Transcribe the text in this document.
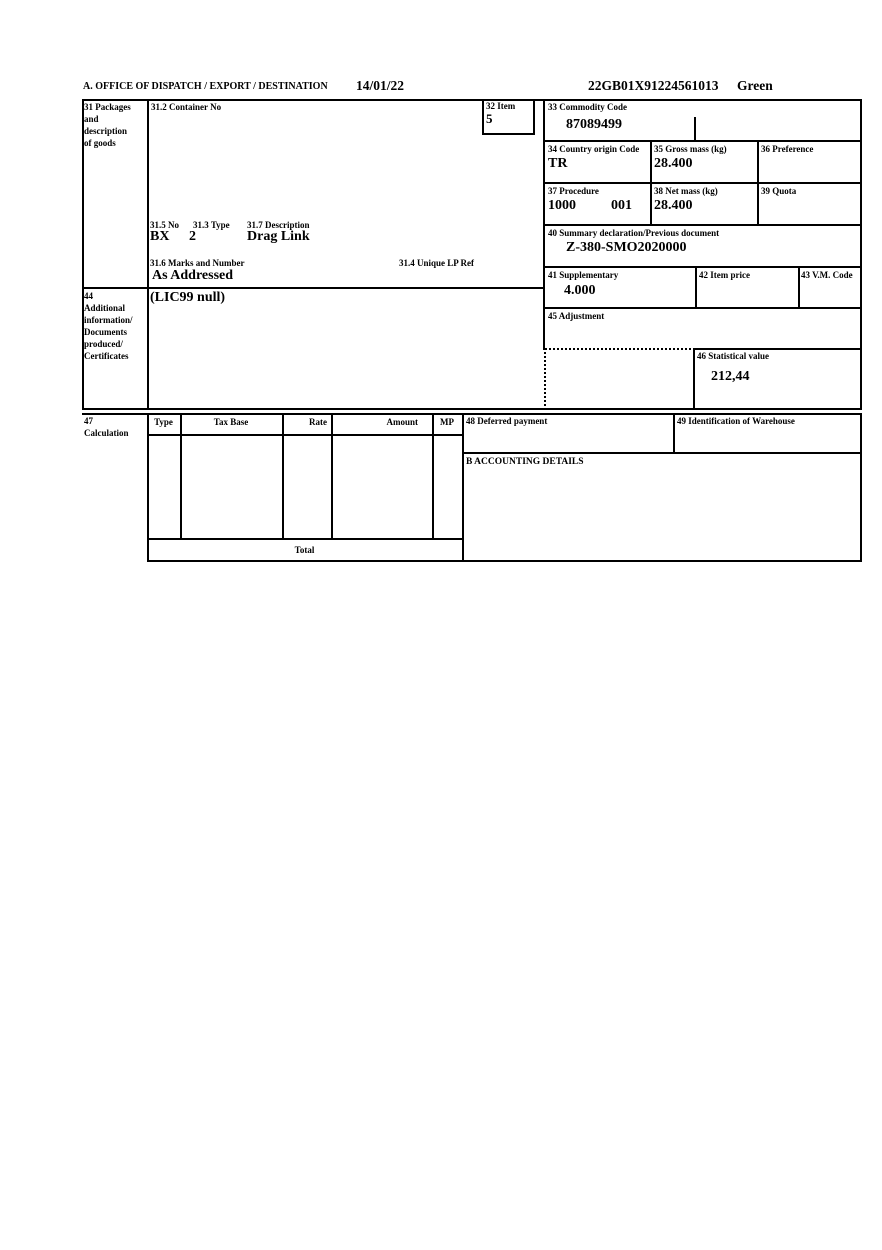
A. OFFICE OF DISPATCH / EXPORT / DESTINATION 14/01/22	22GB01X91224561013 Green
31 Packages
and
description
of goods
31.2 Container No	32 Item
5
33 Commodity Code
87089499
34 Country origin Code
TR
35 Gross mass (kg)
28.400
36 Preference
37 Procedure
1000	001
38 Net mass (kg)
28.400
39 Quota
40 Summary declaration/Previous document
Z-380-SMO2020000
31.5 No 31.3 Type 31.7 Description
BX 2	Drag Link
31.6 Marks and Number	31.4 Unique LP Ref
As Addressed	41 Supplementary
4.000
42 Item price	43 V.M. Code
44
Additional
information/
Documents
produced/
Certificates
(LIC99 null)
45 Adjustment
46 Statistical value
212,44
47
Calculation
Type	Tax Base	Rate	Amount	MP
Total
48 Deferred payment	49 Identification of Warehouse
B ACCOUNTING DETAILS
